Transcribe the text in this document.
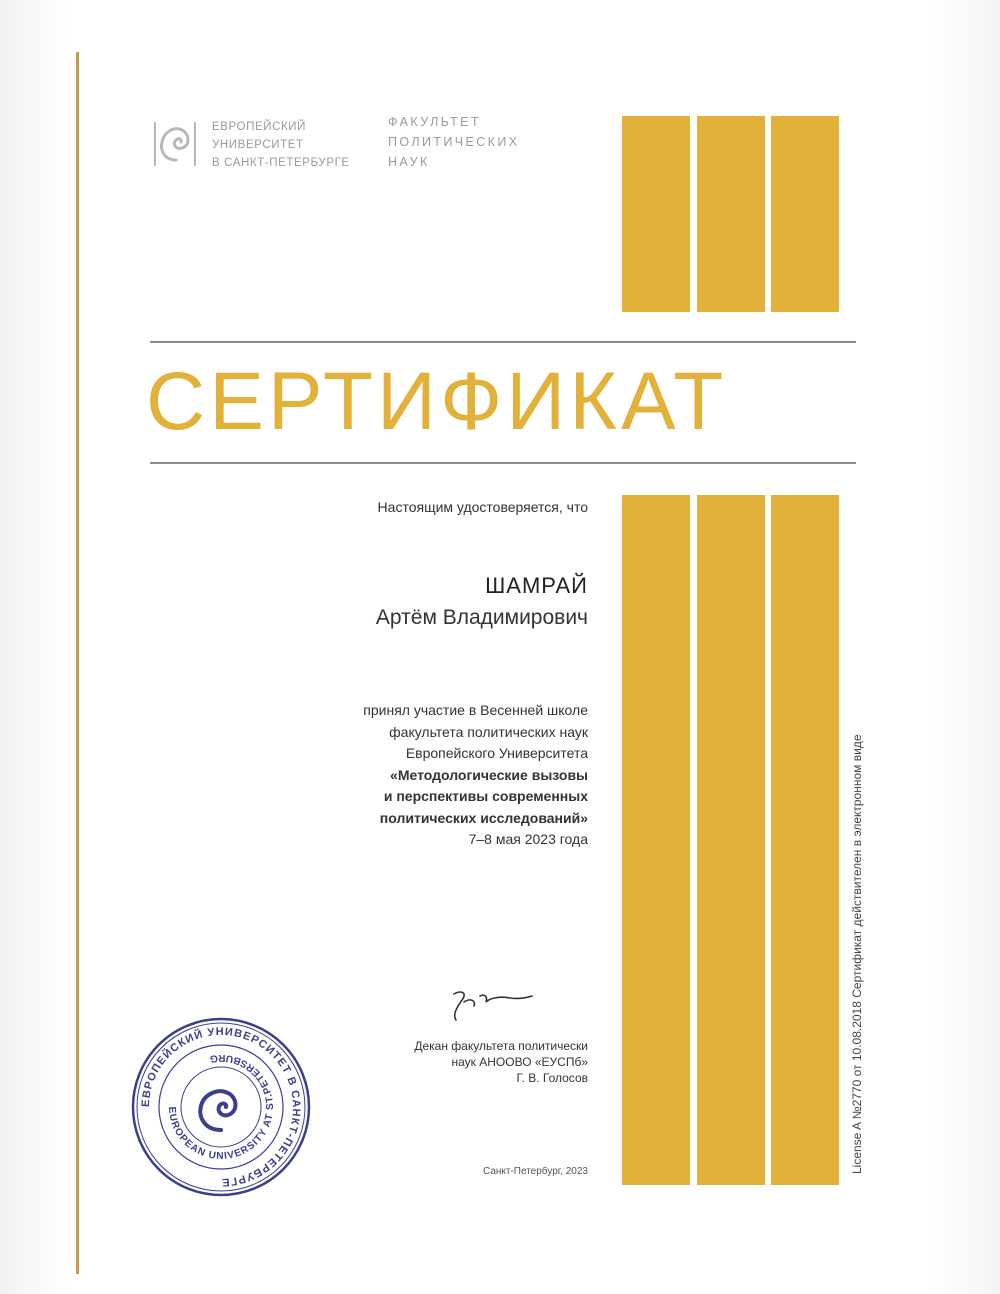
ЕВРОПЕЙСКИЙ
УНИВЕРСИТЕТ
В САНКТ-ПЕТЕРБУРГЕ
ФАКУЛЬТЕТ
ПОЛИТИЧЕСКИХ
НАУК
СЕРТИФИКАТ
Настоящим удостоверяется, что
ШАМРАЙ
Артём Владимирович
принял участие в Весенней школе
факультета политических наук
Европейского Университета
«Методологические вызовы
и перспективы современных
политических исследований»
7–8 мая 2023 года
Декан факультета политически
наук АНООВО «ЕУСПб»
Г. В. Голосов
Санкт-Петербург, 2023	License A №2770 от 10.08.2018 Сертификат действителен в электронном виде
ЕВРОПЕЙСКИЙ УНИВЕРСИТЕТ В САНКТ-ПЕТЕРБУРГЕ
EUROPEAN UNIVERSITY AT ST.PETERSBURG
